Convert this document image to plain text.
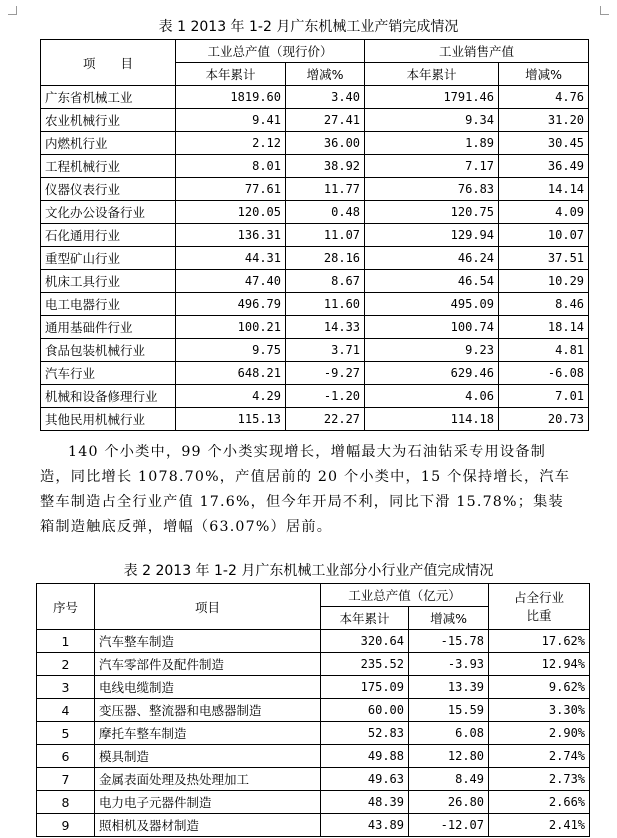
表 1 2013 年 1-2 月广东机械工业产销完成情况
项　　目	工业总产值（现行价）		工业销售产值	
	本年累计	增减%	本年累计	增减%
广东省机械工业	1819.60	3.40	1791.46	4.76
农业机械行业	9.41	27.41	9.34	31.20
内燃机行业	2.12	36.00	1.89	30.45
工程机械行业	8.01	38.92	7.17	36.49
仪器仪表行业	77.61	11.77	76.83	14.14
文化办公设备行业	120.05	0.48	120.75	4.09
石化通用行业	136.31	11.07	129.94	10.07
重型矿山行业	44.31	28.16	46.24	37.51
机床工具行业	47.40	8.67	46.54	10.29
电工电器行业	496.79	11.60	495.09	8.46
通用基础件行业	100.21	14.33	100.74	18.14
食品包装机械行业	9.75	3.71	9.23	4.81
汽车行业	648.21	-9.27	629.46	-6.08
机械和设备修理行业	4.29	-1.20	4.06	7.01
其他民用机械行业	115.13	22.27	114.18	20.73
140 个小类中，99 个小类实现增长，增幅最大为石油钻采专用设备制
造，同比增长 1078.70%，产值居前的 20 个小类中，15 个保持增长，汽车
整车制造占全行业产值 17.6%，但今年开局不利，同比下滑 15.78%；集装
箱制造触底反弹，增幅（63.07%）居前。
表 2 2013 年 1-2 月广东机械工业部分小行业产值完成情况
序号	项目	工业总产值（亿元）		占全行业
比重

		本年累计	增减%	
1	汽车整车制造	320.64	-15.78	17.62%
2	汽车零部件及配件制造	235.52	-3.93	12.94%
3	电线电缆制造	175.09	13.39	9.62%
4	变压器、整流器和电感器制造	60.00	15.59	3.30%
5	摩托车整车制造	52.83	6.08	2.90%
6	模具制造	49.88	12.80	2.74%
7	金属表面处理及热处理加工	49.63	8.49	2.73%
8	电力电子元器件制造	48.39	26.80	2.66%
9	照相机及器材制造	43.89	-12.07	2.41%
